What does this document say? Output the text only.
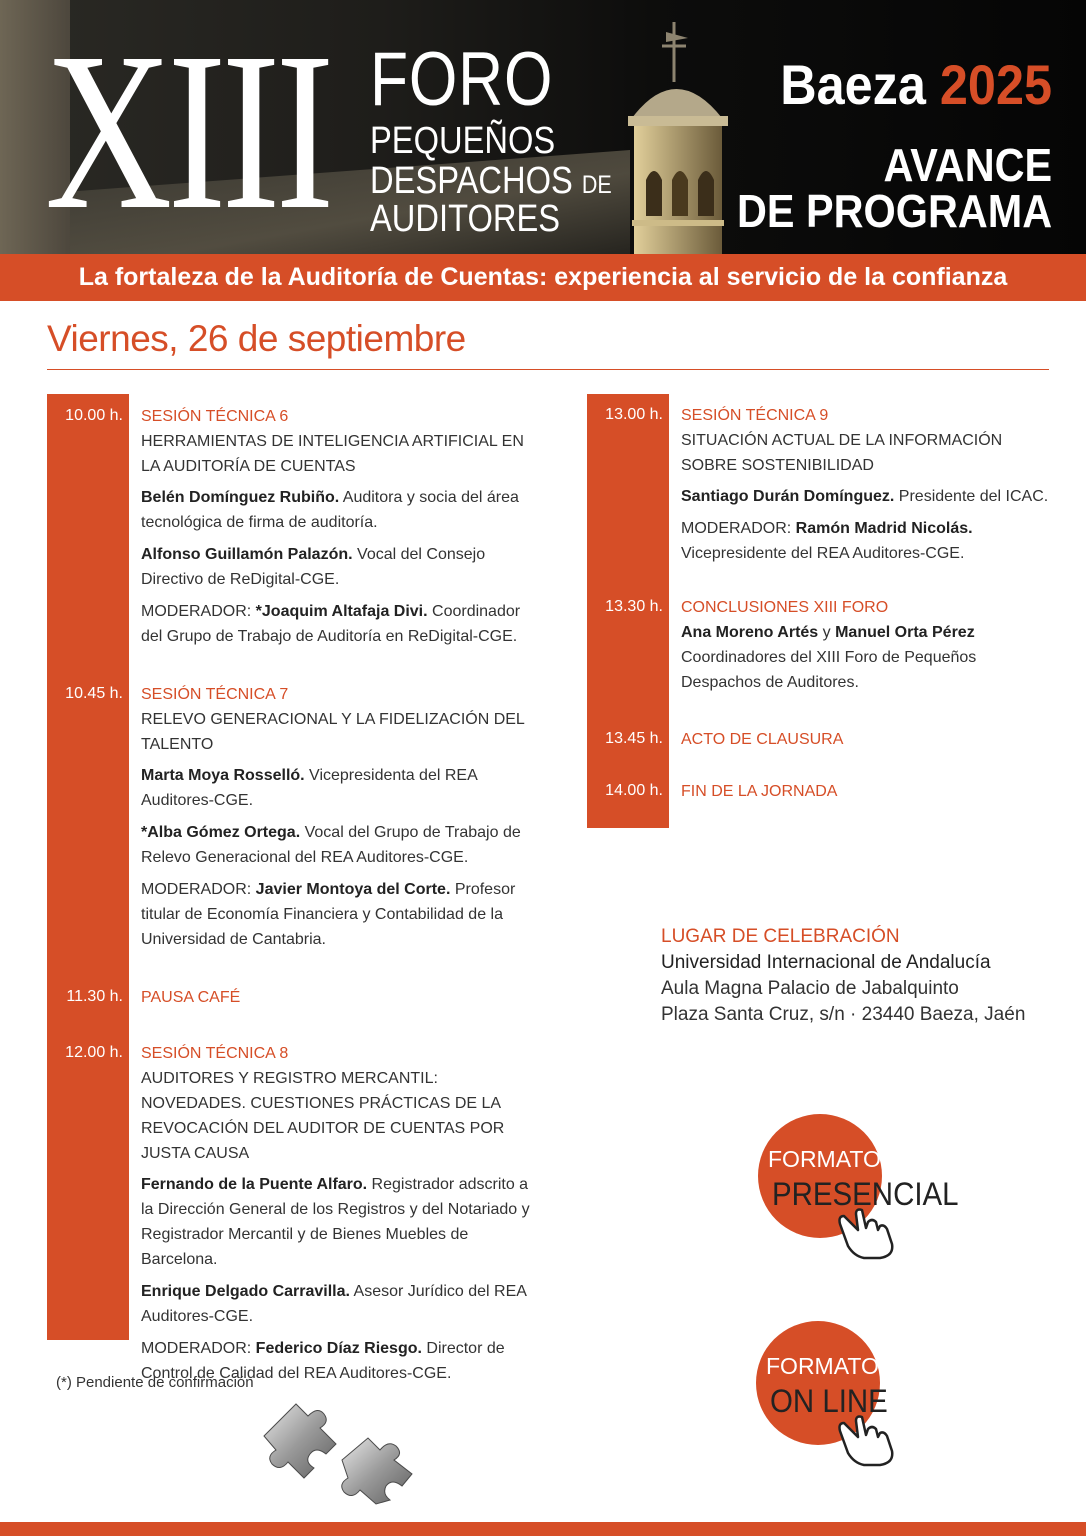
XIII FORO
PEQUEÑOS
DESPACHOS DE
AUDITORES
Baeza 2025
AVANCE
DE PROGRAMA
La fortaleza de la Auditoría de Cuentas: experiencia al servicio de la confianza
Viernes, 26 de septiembre
10.00 h. SESIÓN TÉCNICA 6
HERRAMIENTAS DE INTELIGENCIA ARTIFICIAL EN LA AUDITORÍA DE CUENTAS
Belén Domínguez Rubiño. Auditora y socia del área tecnológica de firma de auditoría.
Alfonso Guillamón Palazón. Vocal del Consejo Directivo de ReDigital-CGE.
MODERADOR: *Joaquim Altafaja Divi. Coordinador del Grupo de Trabajo de Auditoría en ReDigital-CGE.
10.45 h. SESIÓN TÉCNICA 7
RELEVO GENERACIONAL Y LA FIDELIZACIÓN DEL TALENTO
Marta Moya Rosselló. Vicepresidenta del REA Auditores-CGE.
*Alba Gómez Ortega. Vocal del Grupo de Trabajo de Relevo Generacional del REA Auditores-CGE.
MODERADOR: Javier Montoya del Corte. Profesor titular de Economía Financiera y Contabilidad de la Universidad de Cantabria.
11.30 h. PAUSA CAFÉ
12.00 h. SESIÓN TÉCNICA 8
AUDITORES Y REGISTRO MERCANTIL: NOVEDADES. CUESTIONES PRÁCTICAS DE LA REVOCACIÓN DEL AUDITOR DE CUENTAS POR JUSTA CAUSA
Fernando de la Puente Alfaro. Registrador adscrito a la Dirección General de los Registros y del Notariado y Registrador Mercantil y de Bienes Muebles de Barcelona.
Enrique Delgado Carravilla. Asesor Jurídico del REA Auditores-CGE.
MODERADOR: Federico Díaz Riesgo. Director de Control de Calidad del REA Auditores-CGE.
13.00 h. SESIÓN TÉCNICA 9
SITUACIÓN ACTUAL DE LA INFORMACIÓN SOBRE SOSTENIBILIDAD
Santiago Durán Domínguez. Presidente del ICAC.
MODERADOR: Ramón Madrid Nicolás. Vicepresidente del REA Auditores-CGE.
13.30 h. CONCLUSIONES XIII FORO
Ana Moreno Artés y Manuel Orta Pérez
Coordinadores del XIII Foro de Pequeños Despachos de Auditores.
13.45 h. ACTO DE CLAUSURA
14.00 h. FIN DE LA JORNADA
LUGAR DE CELEBRACIÓN
Universidad Internacional de Andalucía
Aula Magna Palacio de Jabalquinto
Plaza Santa Cruz, s/n · 23440 Baeza, Jaén
FORMATO
PRESENCIAL
FORMATO
ON LINE
(*) Pendiente de confirmación
